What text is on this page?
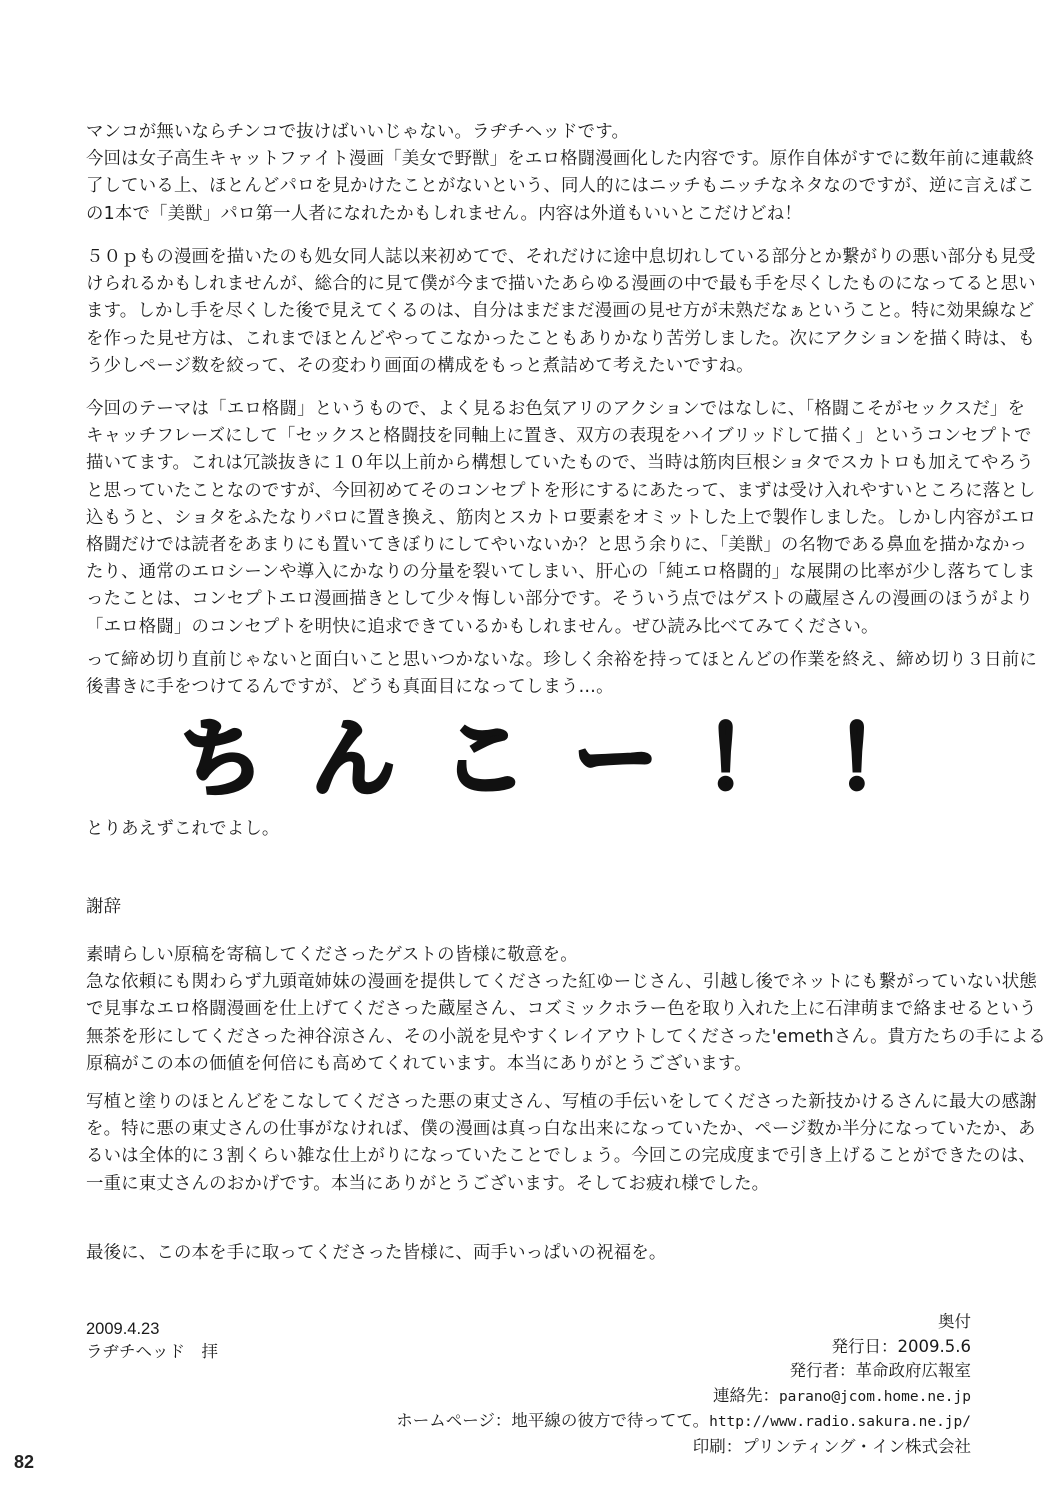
マンコが無いならチンコで抜けばいいじゃない。ラヂチヘッドです。
今回は女子高生キャットファイト漫画「美女で野獣」をエロ格闘漫画化した内容です。原作自体がすでに数年前に連載終
了している上、ほとんどパロを見かけたことがないという、同人的にはニッチもニッチなネタなのですが、逆に言えばこ
の1本で「美獣」パロ第一人者になれたかもしれません。内容は外道もいいとこだけどね！
５０ｐもの漫画を描いたのも処女同人誌以来初めてで、それだけに途中息切れしている部分とか繋がりの悪い部分も見受
けられるかもしれませんが、総合的に見て僕が今まで描いたあらゆる漫画の中で最も手を尽くしたものになってると思い
ます。しかし手を尽くした後で見えてくるのは、自分はまだまだ漫画の見せ方が未熟だなぁということ。特に効果線など
を作った見せ方は、これまでほとんどやってこなかったこともありかなり苦労しました。次にアクションを描く時は、も
う少しページ数を絞って、その変わり画面の構成をもっと煮詰めて考えたいですね。
今回のテーマは「エロ格闘」というもので、よく見るお色気アリのアクションではなしに、「格闘こそがセックスだ」を
キャッチフレーズにして「セックスと格闘技を同軸上に置き、双方の表現をハイブリッドして描く」というコンセプトで
描いてます。これは冗談抜きに１０年以上前から構想していたもので、当時は筋肉巨根ショタでスカトロも加えてやろう
と思っていたことなのですが、今回初めてそのコンセプトを形にするにあたって、まずは受け入れやすいところに落とし
込もうと、ショタをふたなりパロに置き換え、筋肉とスカトロ要素をオミットした上で製作しました。しかし内容がエロ
格闘だけでは読者をあまりにも置いてきぼりにしてやいないか？と思う余りに、「美獣」の名物である鼻血を描かなかっ
たり、通常のエロシーンや導入にかなりの分量を裂いてしまい、肝心の「純エロ格闘的」な展開の比率が少し落ちてしま
ったことは、コンセプトエロ漫画描きとして少々悔しい部分です。そういう点ではゲストの蔵屋さんの漫画のほうがより
「エロ格闘」のコンセプトを明快に追求できているかもしれません。ぜひ読み比べてみてください。
って締め切り直前じゃないと面白いこと思いつかないな。珍しく余裕を持ってほとんどの作業を終え、締め切り３日前に
後書きに手をつけてるんですが、どうも真面目になってしまう…。
ち ん こ ー ！ ！
とりあえずこれでよし。
謝辞
素晴らしい原稿を寄稿してくださったゲストの皆様に敬意を。
急な依頼にも関わらず九頭竜姉妹の漫画を提供してくださった紅ゆーじさん、引越し後でネットにも繋がっていない状態
で見事なエロ格闘漫画を仕上げてくださった蔵屋さん、コズミックホラー色を取り入れた上に石津萌まで絡ませるという
無茶を形にしてくださった神谷涼さん、その小説を見やすくレイアウトしてくださった'emethさん。貴方たちの手による
原稿がこの本の価値を何倍にも高めてくれています。本当にありがとうございます。
写植と塗りのほとんどをこなしてくださった悪の東丈さん、写植の手伝いをしてくださった新技かけるさんに最大の感謝
を。特に悪の東丈さんの仕事がなければ、僕の漫画は真っ白な出来になっていたか、ページ数か半分になっていたか、あ
るいは全体的に３割くらい雑な仕上がりになっていたことでしょう。今回この完成度まで引き上げることができたのは、
一重に東丈さんのおかげです。本当にありがとうございます。そしてお疲れ様でした。
最後に、この本を手に取ってくださった皆様に、両手いっぱいの祝福を。
2009.4.23
ラヂチヘッド　拝
奥付
発行日：2009.5.6
発行者：革命政府広報室
連絡先：parano@jcom.home.ne.jp
ホームページ：地平線の彼方で待ってて。http://www.radio.sakura.ne.jp/
印刷：プリンティング・イン株式会社
82
